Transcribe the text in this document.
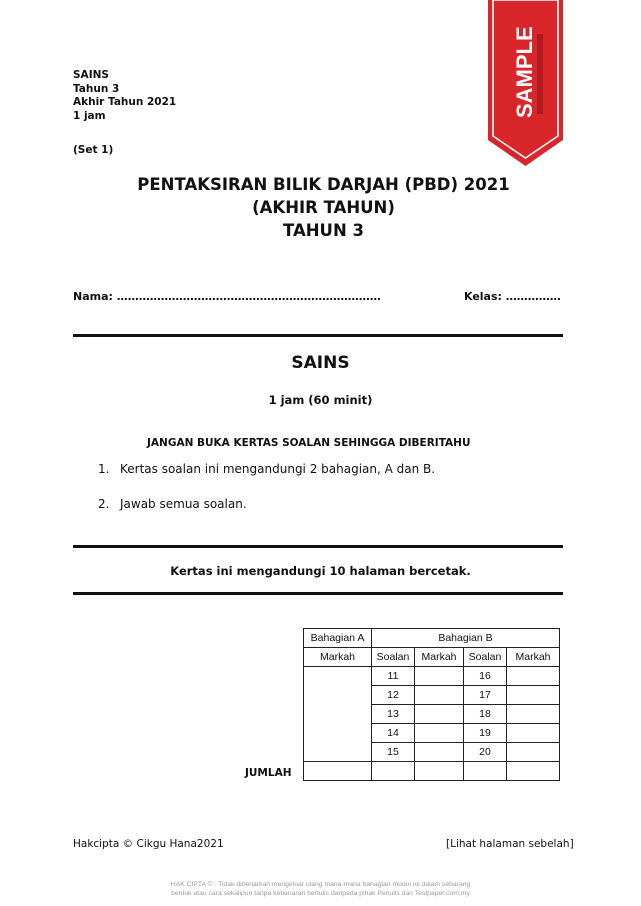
SAINS
Tahun 3
Akhir Tahun 2021
1 jam
(Set 1)
SAMPLE
PENTAKSIRAN BILIK DARJAH (PBD) 2021
(AKHIR TAHUN)
TAHUN 3
Nama: ………………………………………………………………	Kelas: ……………
SAINS
1 jam (60 minit)
JANGAN BUKA KERTAS SOALAN SEHINGGA DIBERITAHU
1. Kertas soalan ini mengandungi 2 bahagian, A dan B.
2. Jawab semua soalan.
Kertas ini mengandungi 10 halaman bercetak.
Bahagian A	Bahagian B			
Markah	Soalan	Markah	Soalan	Markah
	11		16	
	12		17	
	13		18	
	14		19	
	15		20	

JUMLAH
Hakcipta © Cikgu Hana2021	[Lihat halaman sebelah]
HAK CIPTA © : Tidak dibenarkan mengeluar ulang mana-mana bahagian modul ini dalam sebarang
bentuk atau cara sekalipun tanpa kebenaran bertulis daripada pihak Penulis dan Testpaper.com.my
